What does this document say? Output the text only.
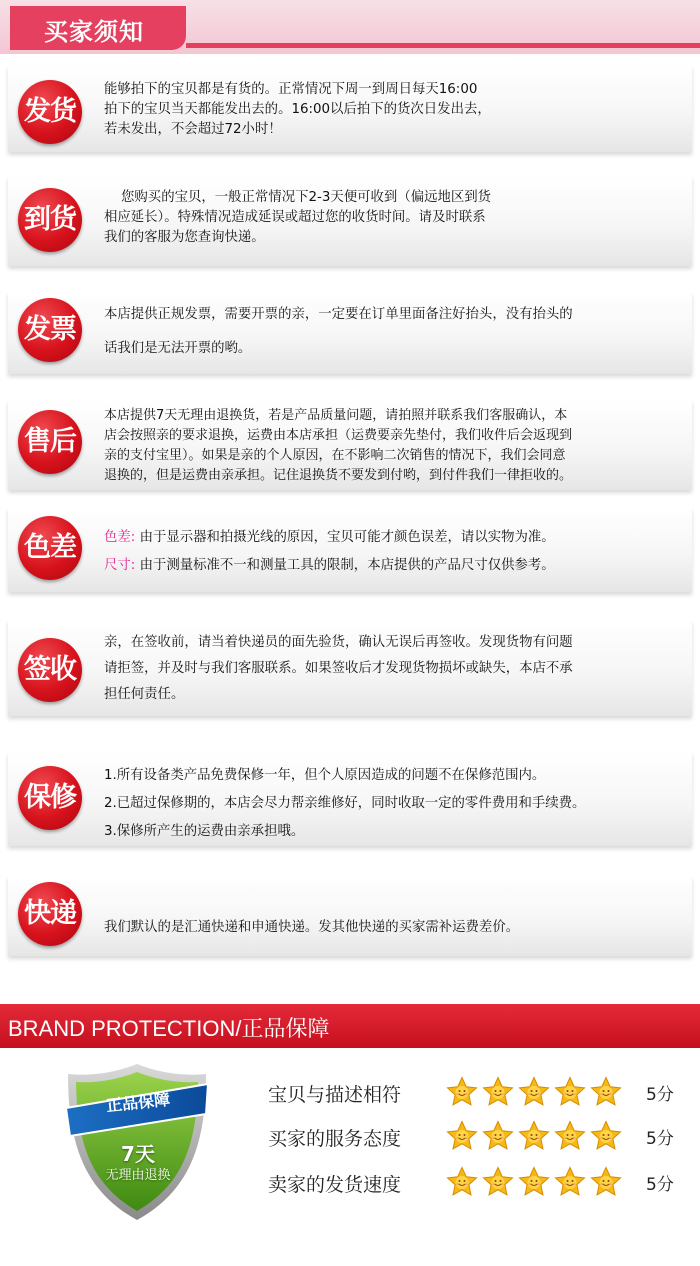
买家须知
发货

能够拍下的宝贝都是有货的。正常情况下周一到周日每天16:00

拍下的宝贝当天都能发出去的。16:00以后拍下的货次日发出去，

若未发出，不会超过72小时！

到货

您购买的宝贝，一般正常情况下2-3天便可收到（偏远地区到货

相应延长）。特殊情况造成延误或超过您的收货时间。请及时联系

我们的客服为您查询快递。

发票	本店提供正规发票，需要开票的亲，一定要在订单里面备注好抬头，没有抬头的

话我们是无法开票的哟。

售后

本店提供7天无理由退换货，若是产品质量问题，请拍照并联系我们客服确认，本

店会按照亲的要求退换，运费由本店承担（运费要亲先垫付，我们收件后会返现到

亲的支付宝里）。如果是亲的个人原因，在不影响二次销售的情况下，我们会同意

退换的，但是运费由亲承担。记住退换货不要发到付哟，到付件我们一律拒收的。

色差	色差: 由于显示器和拍摄光线的原因，宝贝可能才颜色误差，请以实物为准。

尺寸: 由于测量标准不一和测量工具的限制，本店提供的产品尺寸仅供参考。

签收

亲，在签收前，请当着快递员的面先验货，确认无误后再签收。发现货物有问题

请拒签，并及时与我们客服联系。如果签收后才发现货物损坏或缺失，本店不承

担任何责任。

保修

1.所有设备类产品免费保修一年，但个人原因造成的问题不在保修范围内。

2.已超过保修期的，本店会尽力帮亲维修好，同时收取一定的零件费用和手续费。

3.保修所产生的运费由亲承担哦。

快递	我们默认的是汇通快递和申通快递。发其他快递的买家需补运费差价。

BRAND PROTECTION/正品保障
正品保障
7天
无理由退换
宝贝与描述相符	5分
买家的服务态度	5分
卖家的发货速度	5分
